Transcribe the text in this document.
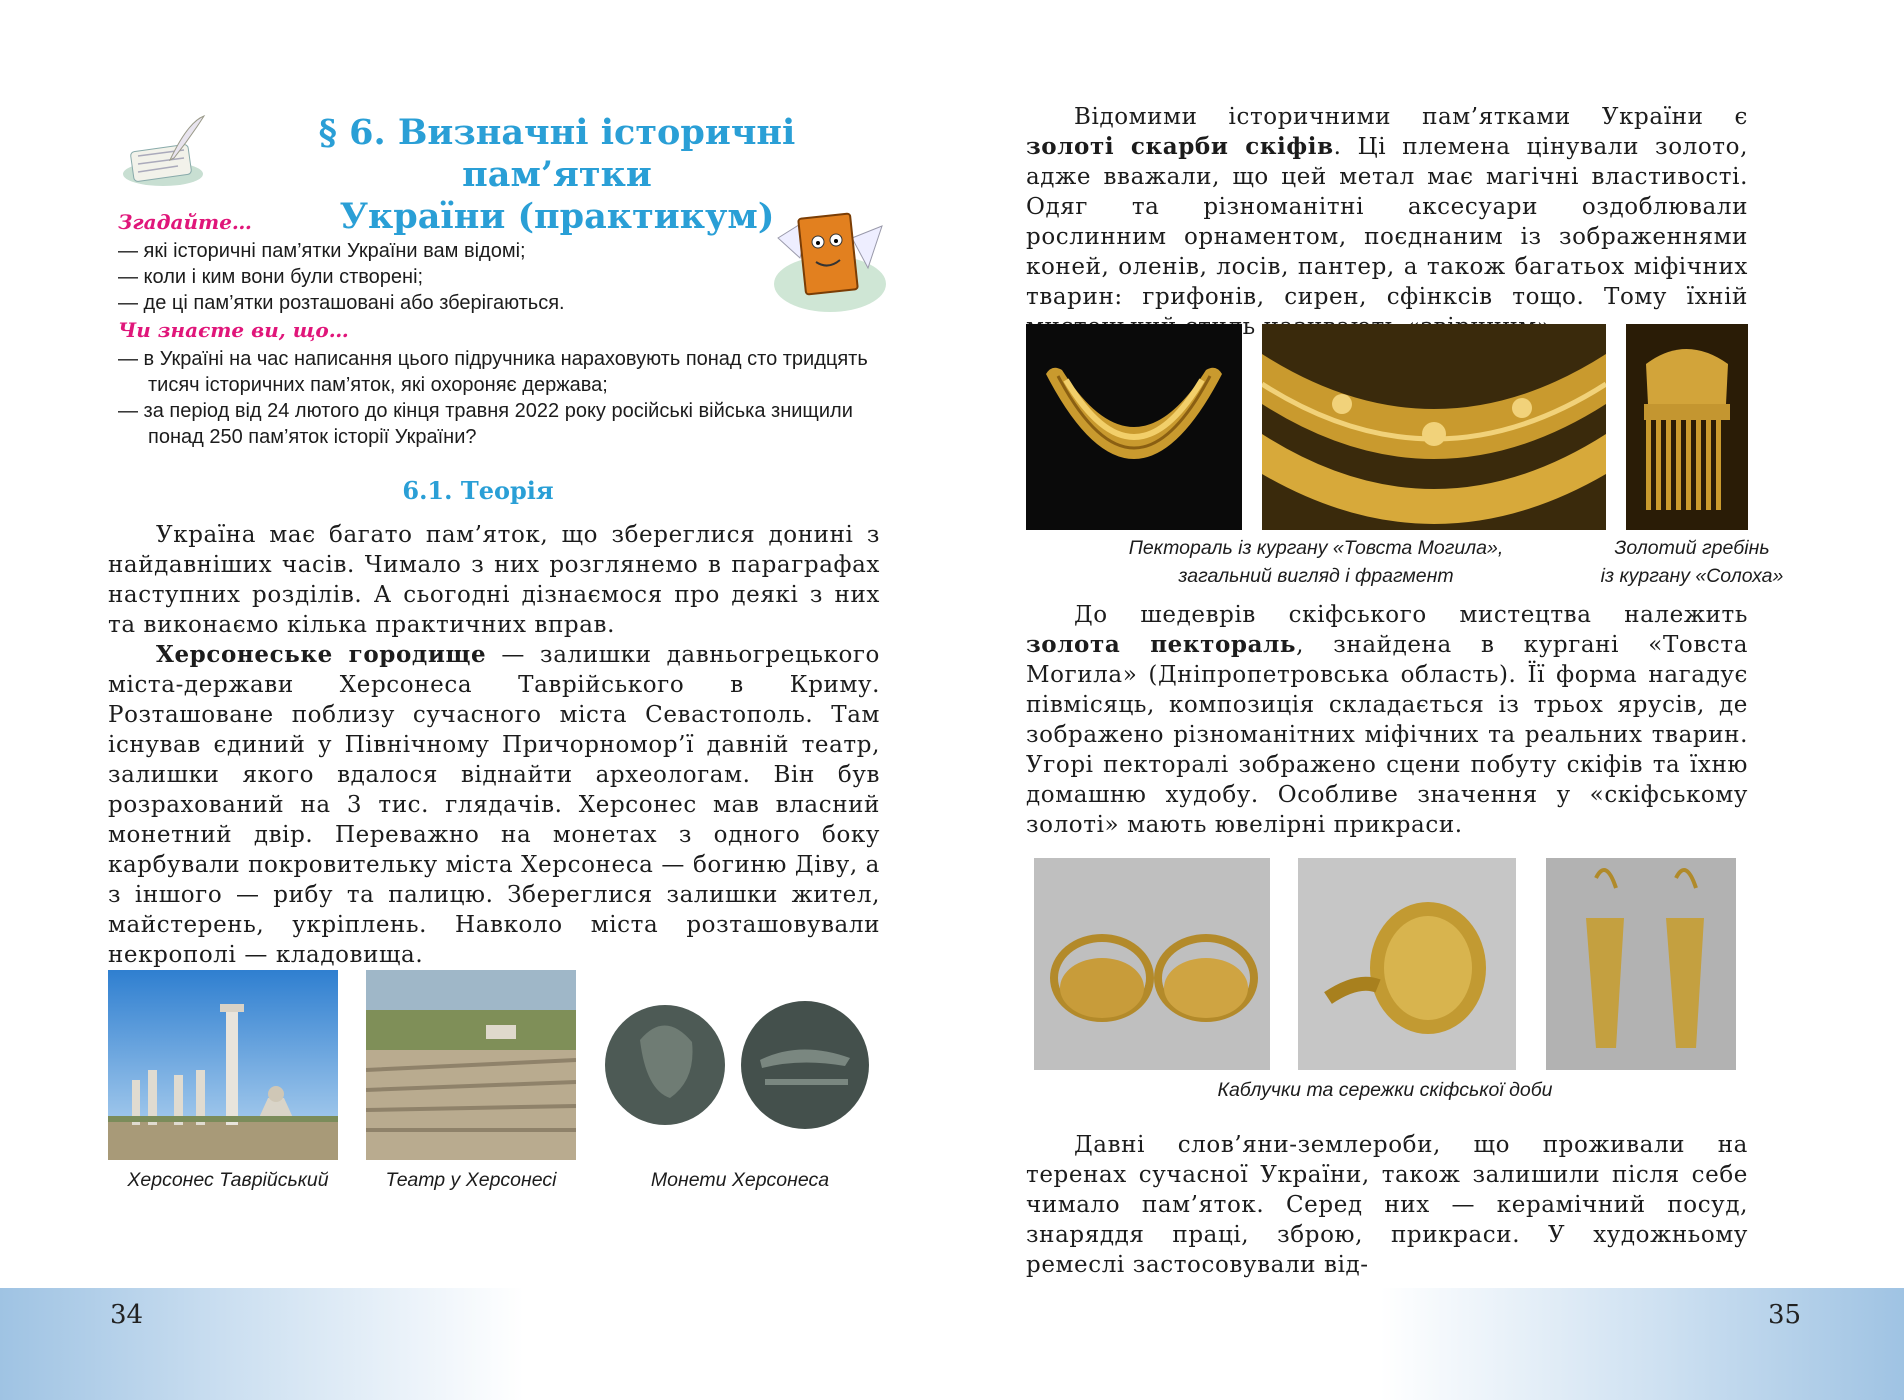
§ 6. Визначні історичні пам’ятки
України (практикум)
Згадайте…
— які історичні пам’ятки України вам відомі;
— коли і ким вони були створені;
— де ці пам’ятки розташовані або зберігаються.
Чи знаєте ви, що…
— в Україні на час написання цього підручника нараховують понад сто тридцять тисяч історичних пам’яток, які охороняє держава;
— за період від 24 лютого до кінця травня 2022 року російські війська знищили понад 250 пам’яток історії України?
6.1. Теорія

Україна має багато пам’яток, що збереглися донині з найдавніших часів. Чимало з них розглянемо в параграфах наступних розділів. А сьогодні дізнаємося про деякі з них та виконаємо кілька практичних вправ.

Херсонеське городище — залишки давньогрецького міста-держави Херсонеса Таврійського в Криму. Розташоване поблизу сучасного міста Севастополь. Там існував єдиний у Північному Причорномор’ї давній театр, залишки якого вдалося віднайти археологам. Він був розрахований на 3 тис. глядачів. Херсонес мав власний монетний двір. Переважно на монетах з одного боку карбували покровительку міста Херсонеса — богиню Діву, а з іншого — рибу та палицю. Збереглися залишки жител, майстерень, укріплень. Навколо міста розташовували некрополі — кладовища.

Херсонес Таврійський	Театр у Херсонесі	Монети Херсонеса
34

Відомими історичними пам’ятками України є золоті скарби скіфів. Ці племена цінували золото, адже вважали, що цей метал має магічні властивості. Одяг та різноманітні аксесуари оздоблювали рослинним орнаментом, поєднаним із зображеннями коней, оленів, лосів, пантер, а також багатьох міфічних тварин: грифонів, сирен, сфінксів тощо. Тому їхній

Пектораль із кургану «Товста Могила»,
загальний вигляд і фрагмент
Золотий гребінь
із кургану «Солоха»

До шедеврів скіфського мистецтва належить золота пектораль, знайдена в кургані «Товста Могила» (Дніпропетровська область). Її форма нагадує півмісяць, композиція складається із трьох ярусів, де зображено різноманітних міфічних та реальних тварин. Угорі пекторалі зображено сцени побуту скіфів та їхню домашню худобу. Особливе значення у «скіфському золоті» мають ювелірні прикраси.

Каблучки та сережки скіфської доби

Давні слов’яни-землероби, що проживали на теренах сучасної України, також залишили після себе чимало пам’яток. Серед них — керамічний посуд, знаряддя праці, зброю, прикраси. У художньому ремеслі застосовували від-

35
